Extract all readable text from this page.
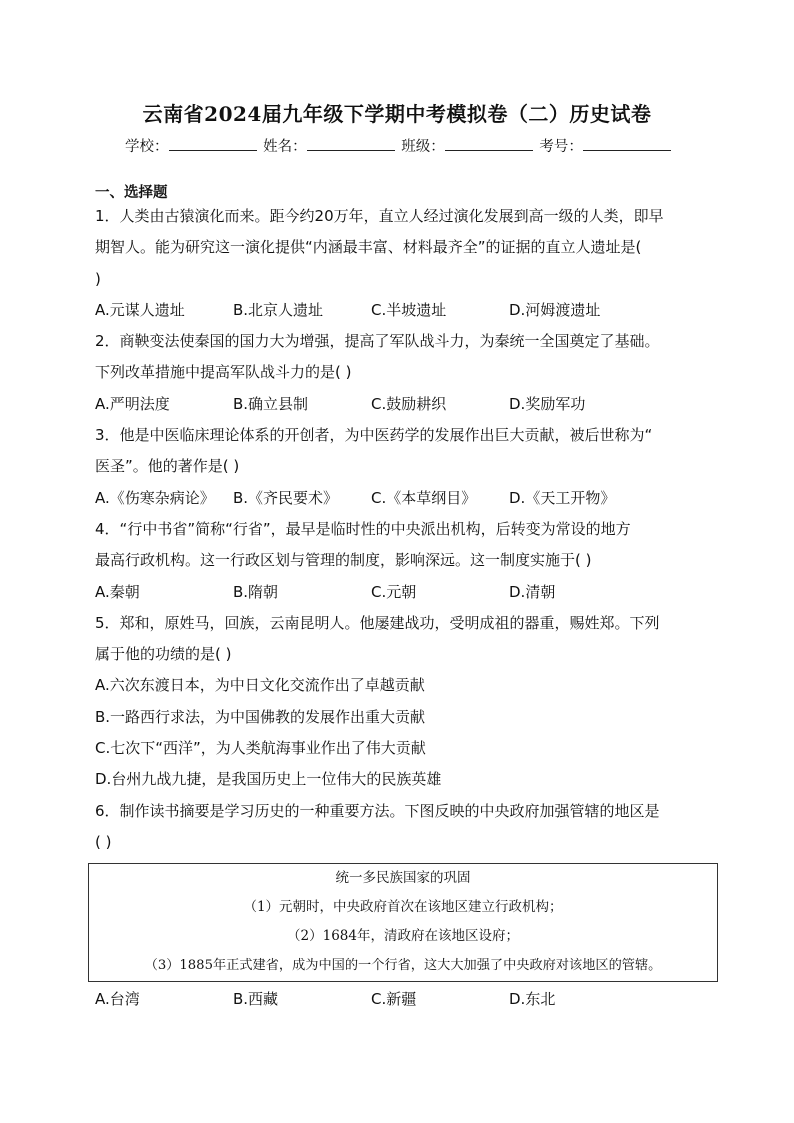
云南省2024届九年级下学期中考模拟卷（二）历史试卷
学校：	姓名：	班级：	考号：
一、选择题

1．人类由古猿演化而来。距今约20万年，直立人经过演化发展到高一级的人类，即早

期智人。能为研究这一演化提供“内涵最丰富、材料最齐全”的证据的直立人遗址是(

)

A.元谋人遗址	B.北京人遗址	C.半坡遗址	D.河姆渡遗址

2．商鞅变法使秦国的国力大为增强，提高了军队战斗力，为秦统一全国奠定了基础。

下列改革措施中提高军队战斗力的是( )

A.严明法度	B.确立县制	C.鼓励耕织	D.奖励军功

3．他是中医临床理论体系的开创者，为中医药学的发展作出巨大贡献，被后世称为“

医圣”。他的著作是( )

A.《伤寒杂病论》	B.《齐民要术》	C.《本草纲目》	D.《天工开物》

4．“行中书省”简称“行省”，最早是临时性的中央派出机构，后转变为常设的地方

最高行政机构。这一行政区划与管理的制度，影响深远。这一制度实施于( )

A.秦朝	B.隋朝	C.元朝	D.清朝

5．郑和，原姓马，回族，云南昆明人。他屡建战功，受明成祖的器重，赐姓郑。下列

属于他的功绩的是( )

A.六次东渡日本，为中日文化交流作出了卓越贡献

B.一路西行求法，为中国佛教的发展作出重大贡献

C.七次下“西洋”，为人类航海事业作出了伟大贡献

D.台州九战九捷，是我国历史上一位伟大的民族英雄

6．制作读书摘要是学习历史的一种重要方法。下图反映的中央政府加强管辖的地区是

( )

统一多民族国家的巩固
（1）元朝时，中央政府首次在该地区建立行政机构；
（2）1684年，清政府在该地区设府；
（3）1885年正式建省，成为中国的一个行省，这大大加强了中央政府对该地区的管辖。
A.台湾	B.西藏	C.新疆	D.东北
